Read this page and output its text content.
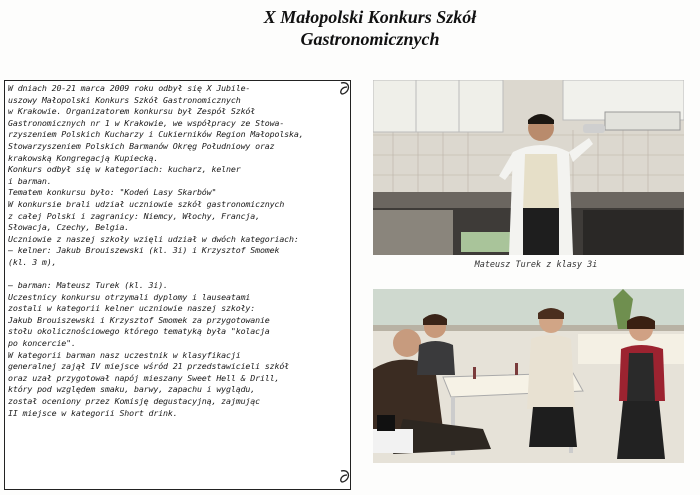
X Małopolski Konkurs Szkół
Gastronomicznych
W dniach 20-21 marca 2009 roku odbył się X Jubile-
uszowy Małopolski Konkurs Szkół Gastronomicznych
w Krakowie. Organizatorem konkursu był Zespół Szkół
Gastronomicznych nr 1 w Krakowie, we współpracy ze Stowa-
rzyszeniem Polskich Kucharzy i Cukierników Region Małopolska,
Stowarzyszeniem Polskich Barmanów Okręg Południowy oraz
krakowską Kongregacją Kupiecką.
Konkurs odbył się w kategoriach: kucharz, kelner
i barman.
Tematem konkursu było: "Kodeń Lasy Skarbów"
W konkursie brali udział uczniowie szkół gastronomicznych
z całej Polski i zagranicy: Niemcy, Włochy, Francja,
Słowacja, Czechy, Belgia.
Uczniowie z naszej szkoły wzięli udział w dwóch kategoriach:
– kelner: Jakub Brouiszewski (kl. 3i) i Krzysztof Smomek
(kl. 3 m),

– barman: Mateusz Turek (kl. 3i).
Uczestnicy konkursu otrzymali dyplomy i lauseatami
zostali w kategorii kelner uczniowie naszej szkoły:
Jakub Brouiszewski i Krzysztof Smomek za przygotowanie
stołu okolicznościowego którego tematyką była "kolacja
po koncercie".
W kategorii barman nasz uczestnik w klasyfikacji
generalnej zajął IV miejsce wśród 21 przedstawicieli szkół
oraz uzał przygotował napój mieszany Sweet Hell & Drill,
który pod względem smaku, barwy, zapachu i wyglądu,
został oceniony przez Komisję degustacyjną, zajmując
II miejsce w kategorii Short drink.
Mateusz Turek z klasy 3i
